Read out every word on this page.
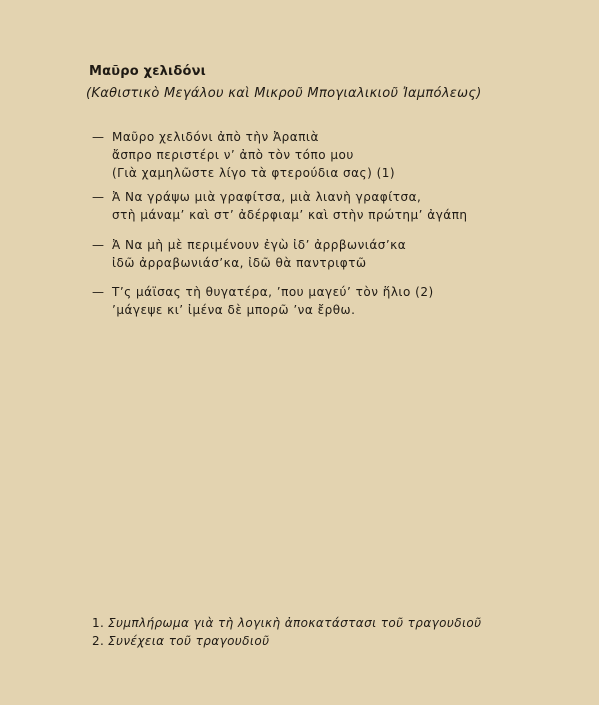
Μαῦρο χελιδόνι
(Καθιστικὸ Μεγάλου καὶ Μικροῦ Μπογιαλικιοῦ Ἰαμπόλεως)
— Μαῦρο χελιδόνι ἀπὸ τὴν Ἀραπιὰ
ἄσπρο περιστέρι ν’ ἀπὸ τὸν τόπο μου
(Γιὰ χαμηλῶστε λίγο τὰ φτερούδια σας) (1)
— Ἀ Να γράψω μιὰ γραφίτσα, μιὰ λιανὴ γραφίτσα,
στὴ μάναμ’ καὶ στ’ ἀδέρφιαμ’ καὶ στὴν πρώτημ’ ἀγάπη
— Ἀ Να μὴ μὲ περιμένουν ἐγὼ ἰδ’ ἀρρβωνιάσ’κα
ἰδῶ ἀρραβωνιάσ’κα, ἰδῶ θὰ παντριφτῶ
— Τ’ς μάϊσας τὴ θυγατέρα, ’που μαγεύ’ τὸν ἥλιο (2)
’μάγεψε κι’ ἰμένα δὲ μπορῶ ’να ἔρθω.
1. Συμπλήρωμα γιὰ τὴ λογικὴ ἀποκατάστασι τοῦ τραγουδιοῦ
2. Συνέχεια τοῦ τραγουδιοῦ
